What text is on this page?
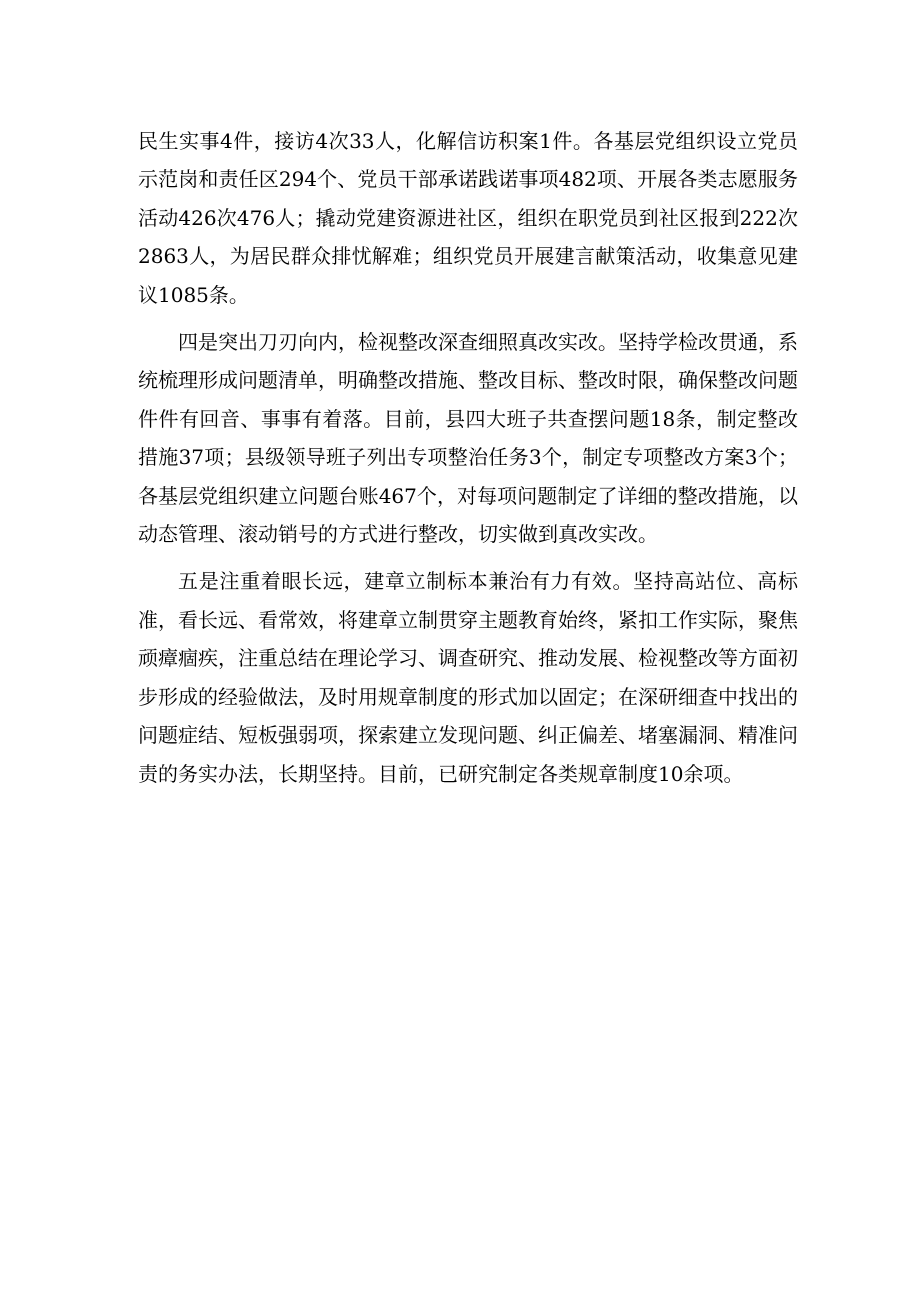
民生实事4件，接访4次33人，化解信访积案1件。各基层党组织设立党员示范岗和责任区294个、党员干部承诺践诺事项482项、开展各类志愿服务活动426次476人；撬动党建资源进社区，组织在职党员到社区报到222次2863人，为居民群众排忧解难；组织党员开展建言献策活动，收集意见建议1085条。

四是突出刀刃向内，检视整改深查细照真改实改。坚持学检改贯通，系统梳理形成问题清单，明确整改措施、整改目标、整改时限，确保整改问题件件有回音、事事有着落。目前，县四大班子共查摆问题18条，制定整改措施37项；县级领导班子列出专项整治任务3个，制定专项整改方案3个；各基层党组织建立问题台账467个，对每项问题制定了详细的整改措施，以动态管理、滚动销号的方式进行整改，切实做到真改实改。

五是注重着眼长远，建章立制标本兼治有力有效。坚持高站位、高标准，看长远、看常效，将建章立制贯穿主题教育始终，紧扣工作实际，聚焦顽瘴痼疾，注重总结在理论学习、调查研究、推动发展、检视整改等方面初步形成的经验做法，及时用规章制度的形式加以固定；在深研细查中找出的问题症结、短板强弱项，探索建立发现问题、纠正偏差、堵塞漏洞、精准问责的务实办法，长期坚持。目前，已研究制定各类规章制度10余项。
